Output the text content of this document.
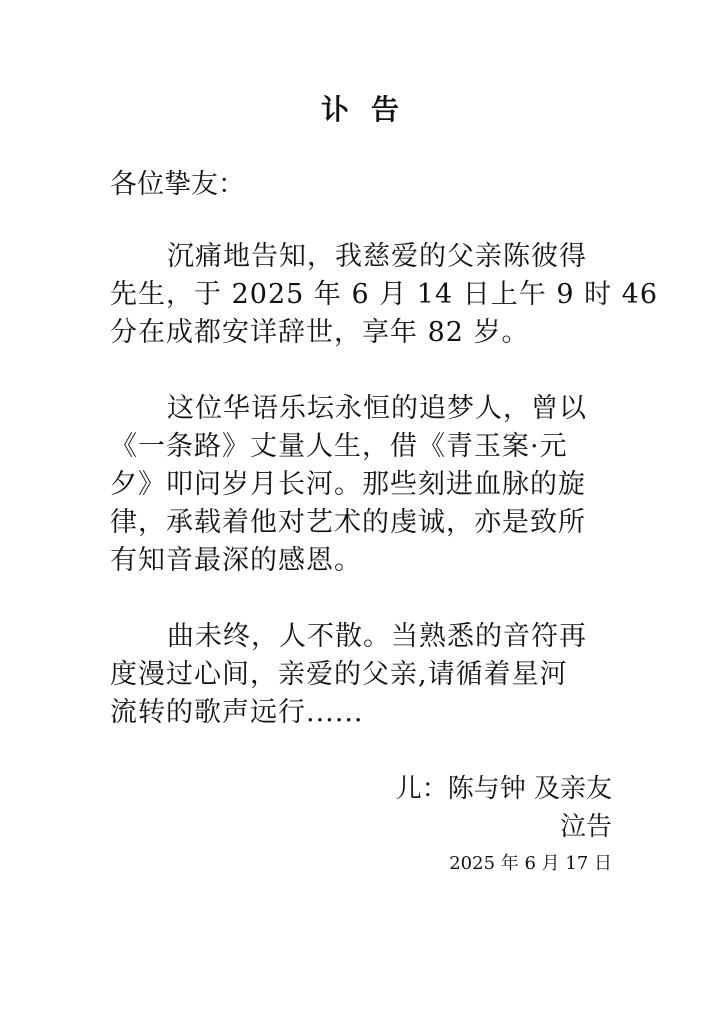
讣 告
各位挚友：
沉痛地告知，我慈爱的父亲陈彼得
先生，于 2025 年 6 月 14 日上午 9 时 46
分在成都安详辞世，享年 82 岁。
这位华语乐坛永恒的追梦人，曾以
《一条路》丈量人生，借《青玉案·元
夕》叩问岁月长河。那些刻进血脉的旋
律，承载着他对艺术的虔诚，亦是致所
有知音最深的感恩。
曲未终，人不散。当熟悉的音符再
度漫过心间，亲爱的父亲,请循着星河
流转的歌声远行......
儿：陈与钟 及亲友
泣告
2025 年 6 月 17 日
